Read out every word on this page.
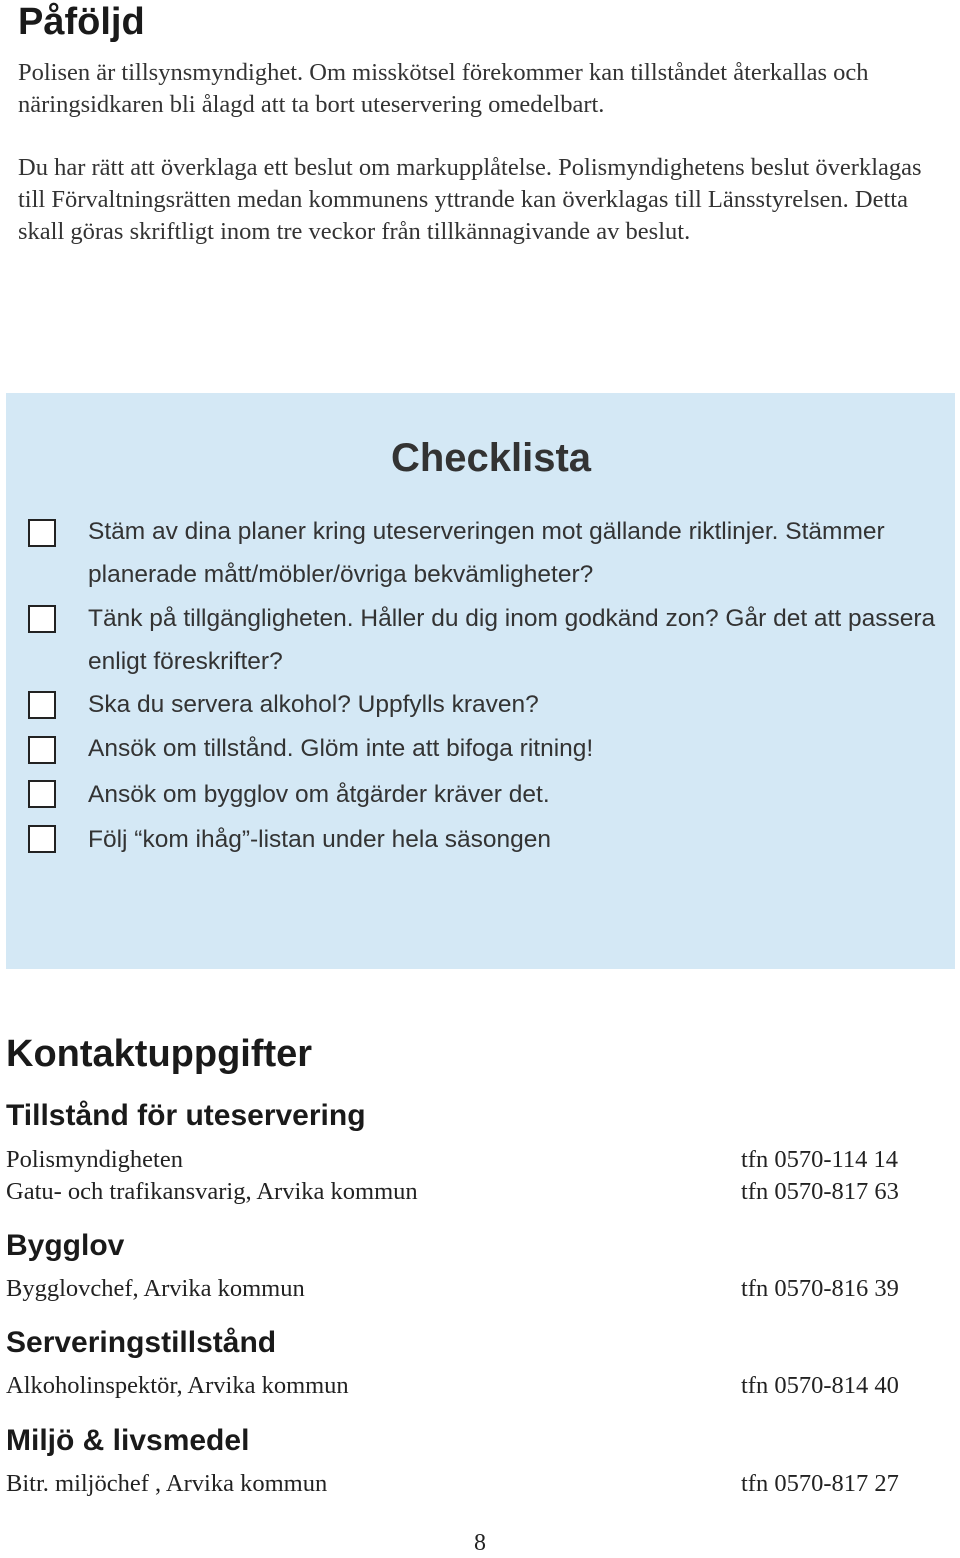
Påföljd

Polisen är tillsynsmyndighet. Om misskötsel förekommer kan tillståndet återkallas och näringsidkaren bli ålagd att ta bort uteservering omedelbart.

Du har rätt att överklaga ett beslut om markupplåtelse. Polismyndighetens beslut överklagas till Förvaltningsrätten medan kommunens yttrande kan överklagas till Länsstyrelsen. Detta skall göras skriftligt inom tre veckor från tillkännagivande av beslut.

Checklista
Stäm av dina planer kring uteserveringen mot gällande riktlinjer. Stämmer planerade mått/möbler/övriga bekvämligheter?
Tänk på tillgängligheten. Håller du dig inom godkänd zon? Går det att passera enligt föreskrifter?
Ska du servera alkohol? Uppfylls kraven?
Ansök om tillstånd. Glöm inte att bifoga ritning!
Ansök om bygglov om åtgärder kräver det.
Följ “kom ihåg”-listan under hela säsongen
Kontaktuppgifter
Tillstånd för uteservering
Polismyndigheten	tfn 0570-114 14
Gatu- och trafikansvarig, Arvika kommun	tfn 0570-817 63
Bygglov
Bygglovchef, Arvika kommun	tfn 0570-816 39
Serveringstillstånd
Alkoholinspektör, Arvika kommun	tfn 0570-814 40
Miljö & livsmedel
Bitr. miljöchef , Arvika kommun	tfn 0570-817 27
8
